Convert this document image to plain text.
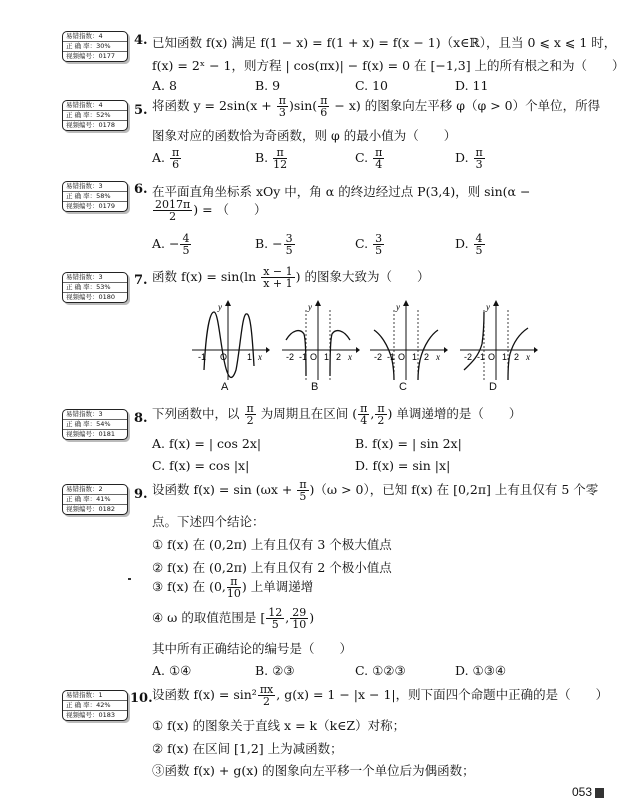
易错指数：4
正 确 率：30%
视频编号：0177
4. 已知函数 f(x) 满足 f(1 − x) = f(1 + x) = f(x − 1)（x∈ℝ），且当 0 ⩽ x ⩽ 1 时，
f(x) = 2ˣ − 1，则方程 | cos(πx)| − f(x) = 0 在 [−1,3] 上的所有根之和为（　　）
A. 8	B. 9	C. 10	D. 11
易错指数：4
正 确 率：52%
视频编号：0178
5. 将函数 $y = 2\sin(x + \frac{\pi}{3} )\sin( \frac{\pi}{6} - x)$ 的图象向左平移 φ（φ > 0）个单位，所得
图象对应的函数恰为奇函数，则 φ 的最小值为（　　）
A. $\frac{\pi}{6}$	B. $\frac{\pi}{12}$	C. $\frac{\pi}{4}$	D. $\frac{\pi}{3}$
易错指数：3
正 确 率：58%
视频编号：0179
6. 在平面直角坐标系 xOy 中，角 α 的终边经过点 P(3,4)，则 sin(α −
$\frac{2017\pi}{2}$ ) = （　　）
A. − $\frac{4}{5}$	B. − $\frac{3}{5}$	C. $\frac{3}{5}$	D. $\frac{4}{5}$
易错指数：3
正 确 率：53%
视频编号：0180
7. 函数 $f(x) = \sin(\ln \frac{x - 1}{x + 1}$ ) 的图象大致为（　　）
-1 O 1 x
y
A
-2 -1 O 1 2 x
y
B
-2 -1 O 1 2 x
y
C
-2 -1 O 1 2 x
y
D
易错指数：3
正 确 率：54%
视频编号：0181
8. 下列函数中，以 $\frac{\pi}{2}$ 为周期且在区间 ( $\frac{\pi}{4}$ , $\frac{\pi}{2}$ ) 单调递增的是（　　）
A. f(x) = | cos 2x|	B. f(x) = | sin 2x|
C. f(x) = cos |x|	D. f(x) = sin |x|
易错指数：2
正 确 率：41%
视频编号：0182
9. 设函数 $f(x) = \sin (\omega x + \frac{\pi}{5} )(\omega > 0)$，已知 f(x) 在 [0,2π] 上有且仅有 5 个零
点。下述四个结论：
① f(x) 在 (0,2π) 上有且仅有 3 个极大值点
② f(x) 在 (0,2π) 上有且仅有 2 个极小值点
③ f(x) 在 (0, $\frac{\pi}{10}$ ) 上单调递增
④ ω 的取值范围是 [ $\frac{12}{5}$ , $\frac{29}{10}$ )
其中所有正确结论的编号是（　　）
A. ①④	B. ②③	C. ①②③	D. ①③④
易错指数：1
正 确 率：42%
视频编号：0183
10. 设函数 $f(x) = \sin^2 \frac{\pi x}{2}$ , g(x) = 1 − |x − 1|，则下面四个命题中正确的是（　　）
① f(x) 的图象关于直线 x = k（k∈Z）对称；
② f(x) 在区间 [1,2] 上为减函数；
③函数 f(x) + g(x) 的图象向左平移一个单位后为偶函数；
053
